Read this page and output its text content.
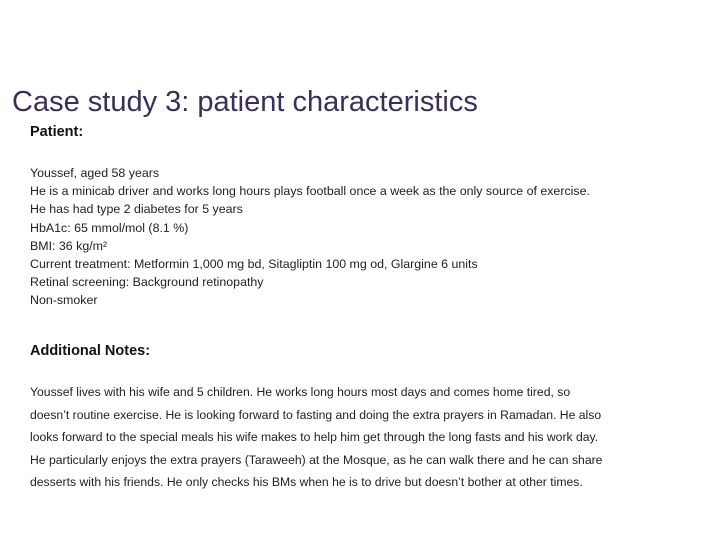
Case study 3: patient characteristics
Patient:
Youssef, aged 58 years
He is a minicab driver and works long hours plays football once a week as the only source of exercise.
He has had type 2 diabetes for 5 years
HbA1c: 65 mmol/mol (8.1 %)
BMI: 36 kg/m²
Current treatment: Metformin 1,000 mg bd, Sitagliptin 100 mg od, Glargine 6 units
Retinal screening: Background retinopathy
Non-smoker
Additional Notes:

Youssef lives with his wife and 5 children. He works long hours most days and comes home tired, so
doesn’t routine exercise. He is looking forward to fasting and doing the extra prayers in Ramadan. He also
looks forward to the special meals his wife makes to help him get through the long fasts and his work day.
He particularly enjoys the extra prayers (Taraweeh) at the Mosque, as he can walk there and he can share
desserts with his friends. He only checks his BMs when he is to drive but doesn’t bother at other times.
